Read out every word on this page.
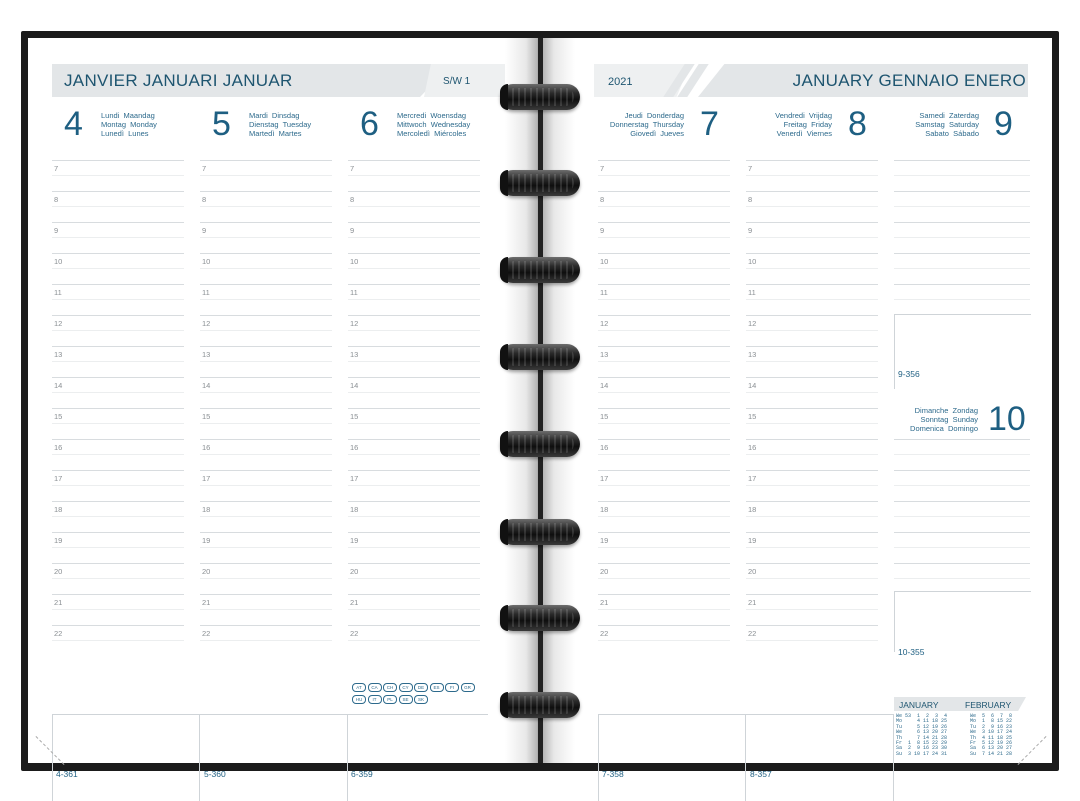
JANVIER JANUARI JANUAR	S/W 1
4 Lundi  Maandag
Montag  Monday
Lunedì  Lunes 5 Mardi  Dinsdag
Dienstag  Tuesday
Martedì  Martes 6 Mercredi  Woensdag
Mittwoch  Wednesday
Mercoledì  Miércoles
7	7	7
8	8	8
9	9	9
10	10	10
11	11	11
12	12	12
13	13	13
14	14	14
15	15	15
16	16	16
17	17	17
18	18	18
19	19	19
20	20	20
21	21	21
22	22	22
AT CA CH CY DE ES FI GRHU IT PL SE SK
4-361	5-360	6-359
2021	JANUARY GENNAIO ENERO
Jeudi  Donderdag
Donnerstag  Thursday
Giovedì  Jueves 7	Vendredi  Vrijdag
Freitag  Friday
Venerdì  Viernes 8	Samedi  Zaterdag
Samstag  Saturday
Sabato  Sábado 9
7	7
8	8
9	9
10	10
11	11
12	12
13	13
14	14
15	15
16	16
17	17
18	18
19	19
20	20
21	21
22	22
9-356
Dimanche  Zondag
Sonntag  Sunday
Domenica  Domingo 10
10-355
7-358	8-357
JANUARY	FEBRUARY
We 53  1  2  3  4
Mo     4 11 18 25
Tu     5 12 19 26
We     6 13 20 27
Th     7 14 21 28
Fr  1  8 15 22 29
Sa  2  9 16 23 30
Su  3 10 17 24 31
We  5  6  7  8
Mo  1  8 15 22
Tu  2  9 16 23
We  3 10 17 24
Th  4 11 18 25
Fr  5 12 19 26
Sa  6 13 20 27
Su  7 14 21 28
